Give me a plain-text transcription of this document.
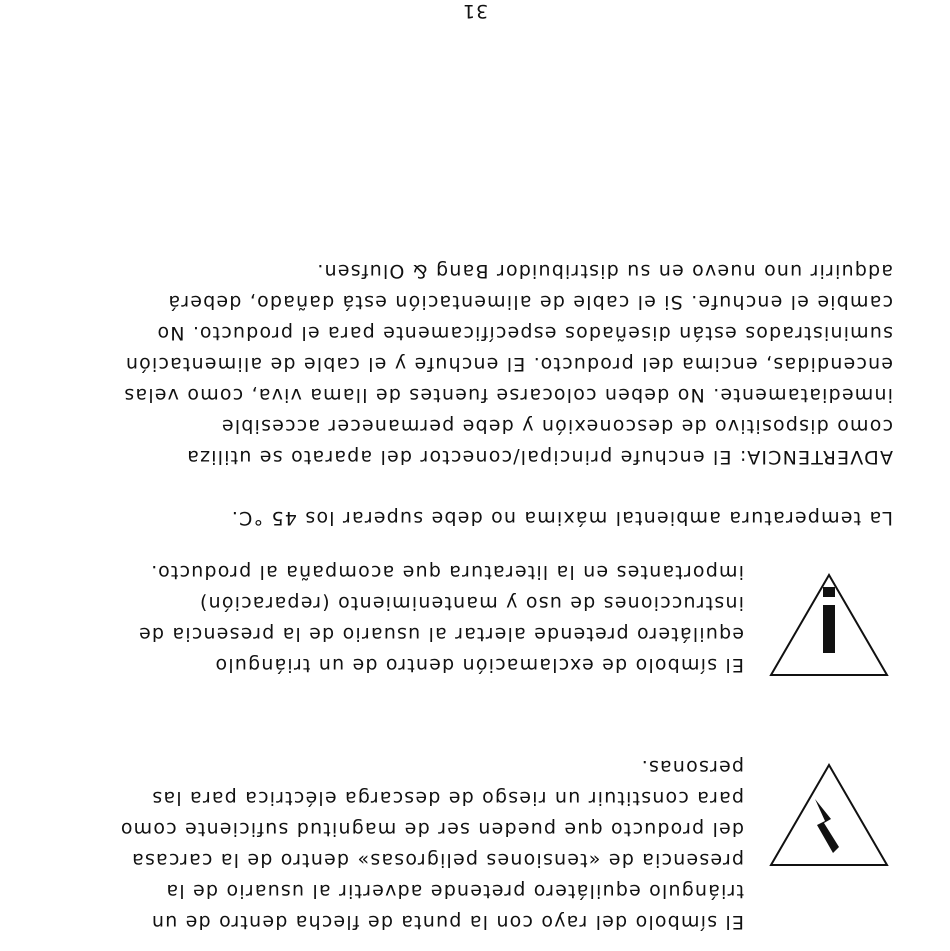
El símbolo del rayo con la punta de flecha dentro de un
triángulo equilátero pretende advertir al usuario de la
presencia de «tensiones peligrosas» dentro de la carcasa
del producto que pueden ser de magnitud suficiente como
para constituir un riesgo de descarga eléctrica para las
personas.
El símbolo de exclamación dentro de un triángulo
equilátero pretende alertar al usuario de la presencia de
instrucciones de uso y mantenimiento (reparación)
importantes en la literatura que acompaña al producto.
La temperatura ambiental máxima no debe superar los 45 °C.
ADVERTENCIA: El enchufe principal/conector del aparato se utiliza
como dispositivo de desconexión y debe permanecer accesible
inmediatamente. No deben colocarse fuentes de llama viva, como velas
encendidas, encima del producto. El enchufe y el cable de alimentación
suministrados están diseñados específicamente para el producto. No
cambie el enchufe. Si el cable de alimentación está dañado, deberá
adquirir uno nuevo en su distribuidor Bang & Olufsen.
31
